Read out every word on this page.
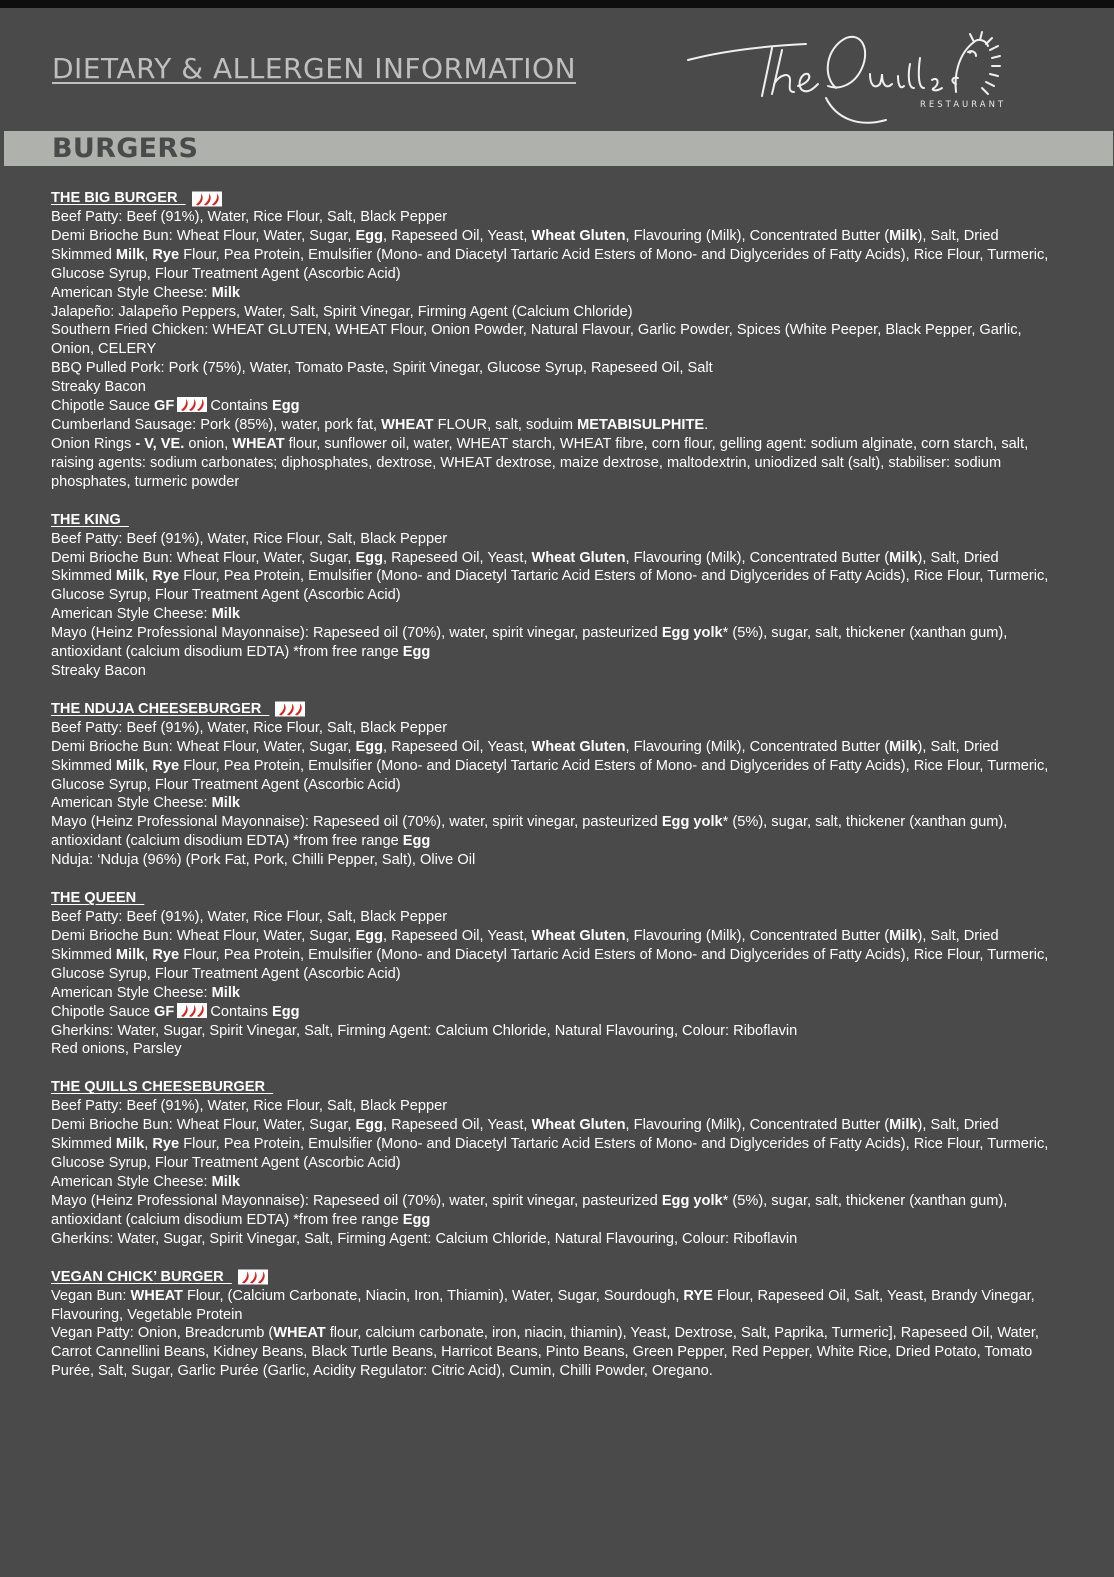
DIETARY & ALLERGEN INFORMATION
RESTAURANT
BURGERS
THE BIG BURGER
Beef Patty: Beef (91%), Water, Rice Flour, Salt, Black Pepper
Demi Brioche Bun: Wheat Flour, Water, Sugar, Egg, Rapeseed Oil, Yeast, Wheat Gluten, Flavouring (Milk), Concentrated Butter (Milk), Salt, Dried Skimmed Milk, Rye Flour, Pea Protein, Emulsifier (Mono- and Diacetyl Tartaric Acid Esters of Mono- and Diglycerides of Fatty Acids), Rice Flour, Turmeric, Glucose Syrup, Flour Treatment Agent (Ascorbic Acid)
American Style Cheese: Milk
Jalapeño: Jalapeño Peppers, Water, Salt, Spirit Vinegar, Firming Agent (Calcium Chloride)
Southern Fried Chicken: WHEAT GLUTEN, WHEAT Flour, Onion Powder, Natural Flavour, Garlic Powder, Spices (White Peeper, Black Pepper, Garlic, Onion, CELERY
BBQ Pulled Pork: Pork (75%), Water, Tomato Paste, Spirit Vinegar, Glucose Syrup, Rapeseed Oil, Salt
Streaky Bacon
Chipotle Sauce GF Contains Egg
Cumberland Sausage: Pork (85%), water, pork fat, WHEAT FLOUR, salt, soduim METABISULPHITE.
Onion Rings - V, VE. onion, WHEAT flour, sunflower oil, water, WHEAT starch, WHEAT fibre, corn flour, gelling agent: sodium alginate, corn starch, salt, raising agents: sodium carbonates; diphosphates, dextrose, WHEAT dextrose, maize dextrose, maltodextrin, uniodized salt (salt), stabiliser: sodium phosphates, turmeric powder
THE KING
Beef Patty: Beef (91%), Water, Rice Flour, Salt, Black Pepper
Demi Brioche Bun: Wheat Flour, Water, Sugar, Egg, Rapeseed Oil, Yeast, Wheat Gluten, Flavouring (Milk), Concentrated Butter (Milk), Salt, Dried Skimmed Milk, Rye Flour, Pea Protein, Emulsifier (Mono- and Diacetyl Tartaric Acid Esters of Mono- and Diglycerides of Fatty Acids), Rice Flour, Turmeric, Glucose Syrup, Flour Treatment Agent (Ascorbic Acid)
American Style Cheese: Milk
Mayo (Heinz Professional Mayonnaise): Rapeseed oil (70%), water, spirit vinegar, pasteurized Egg yolk* (5%), sugar, salt, thickener (xanthan gum), antioxidant (calcium disodium EDTA) *from free range Egg
Streaky Bacon
THE NDUJA CHEESEBURGER
Beef Patty: Beef (91%), Water, Rice Flour, Salt, Black Pepper
Demi Brioche Bun: Wheat Flour, Water, Sugar, Egg, Rapeseed Oil, Yeast, Wheat Gluten, Flavouring (Milk), Concentrated Butter (Milk), Salt, Dried Skimmed Milk, Rye Flour, Pea Protein, Emulsifier (Mono- and Diacetyl Tartaric Acid Esters of Mono- and Diglycerides of Fatty Acids), Rice Flour, Turmeric, Glucose Syrup, Flour Treatment Agent (Ascorbic Acid)
American Style Cheese: Milk
Mayo (Heinz Professional Mayonnaise): Rapeseed oil (70%), water, spirit vinegar, pasteurized Egg yolk* (5%), sugar, salt, thickener (xanthan gum), antioxidant (calcium disodium EDTA) *from free range Egg
Nduja: ‘Nduja (96%) (Pork Fat, Pork, Chilli Pepper, Salt), Olive Oil
THE QUEEN
Beef Patty: Beef (91%), Water, Rice Flour, Salt, Black Pepper
Demi Brioche Bun: Wheat Flour, Water, Sugar, Egg, Rapeseed Oil, Yeast, Wheat Gluten, Flavouring (Milk), Concentrated Butter (Milk), Salt, Dried Skimmed Milk, Rye Flour, Pea Protein, Emulsifier (Mono- and Diacetyl Tartaric Acid Esters of Mono- and Diglycerides of Fatty Acids), Rice Flour, Turmeric, Glucose Syrup, Flour Treatment Agent (Ascorbic Acid)
American Style Cheese: Milk
Chipotle Sauce GF Contains Egg
Gherkins: Water, Sugar, Spirit Vinegar, Salt, Firming Agent: Calcium Chloride, Natural Flavouring, Colour: Riboflavin
Red onions, Parsley
THE QUILLS CHEESEBURGER
Beef Patty: Beef (91%), Water, Rice Flour, Salt, Black Pepper
Demi Brioche Bun: Wheat Flour, Water, Sugar, Egg, Rapeseed Oil, Yeast, Wheat Gluten, Flavouring (Milk), Concentrated Butter (Milk), Salt, Dried Skimmed Milk, Rye Flour, Pea Protein, Emulsifier (Mono- and Diacetyl Tartaric Acid Esters of Mono- and Diglycerides of Fatty Acids), Rice Flour, Turmeric, Glucose Syrup, Flour Treatment Agent (Ascorbic Acid)
American Style Cheese: Milk
Mayo (Heinz Professional Mayonnaise): Rapeseed oil (70%), water, spirit vinegar, pasteurized Egg yolk* (5%), sugar, salt, thickener (xanthan gum), antioxidant (calcium disodium EDTA) *from free range Egg
Gherkins: Water, Sugar, Spirit Vinegar, Salt, Firming Agent: Calcium Chloride, Natural Flavouring, Colour: Riboflavin
VEGAN CHICK’ BURGER
Vegan Bun: WHEAT Flour, (Calcium Carbonate, Niacin, Iron, Thiamin), Water, Sugar, Sourdough, RYE Flour, Rapeseed Oil, Salt, Yeast, Brandy Vinegar, Flavouring, Vegetable Protein
Vegan Patty: Onion, Breadcrumb (WHEAT flour, calcium carbonate, iron, niacin, thiamin), Yeast, Dextrose, Salt, Paprika, Turmeric], Rapeseed Oil, Water, Carrot Cannellini Beans, Kidney Beans, Black Turtle Beans, Harricot Beans, Pinto Beans, Green Pepper, Red Pepper, White Rice, Dried Potato, Tomato Purée, Salt, Sugar, Garlic Purée (Garlic, Acidity Regulator: Citric Acid), Cumin, Chilli Powder, Oregano.
